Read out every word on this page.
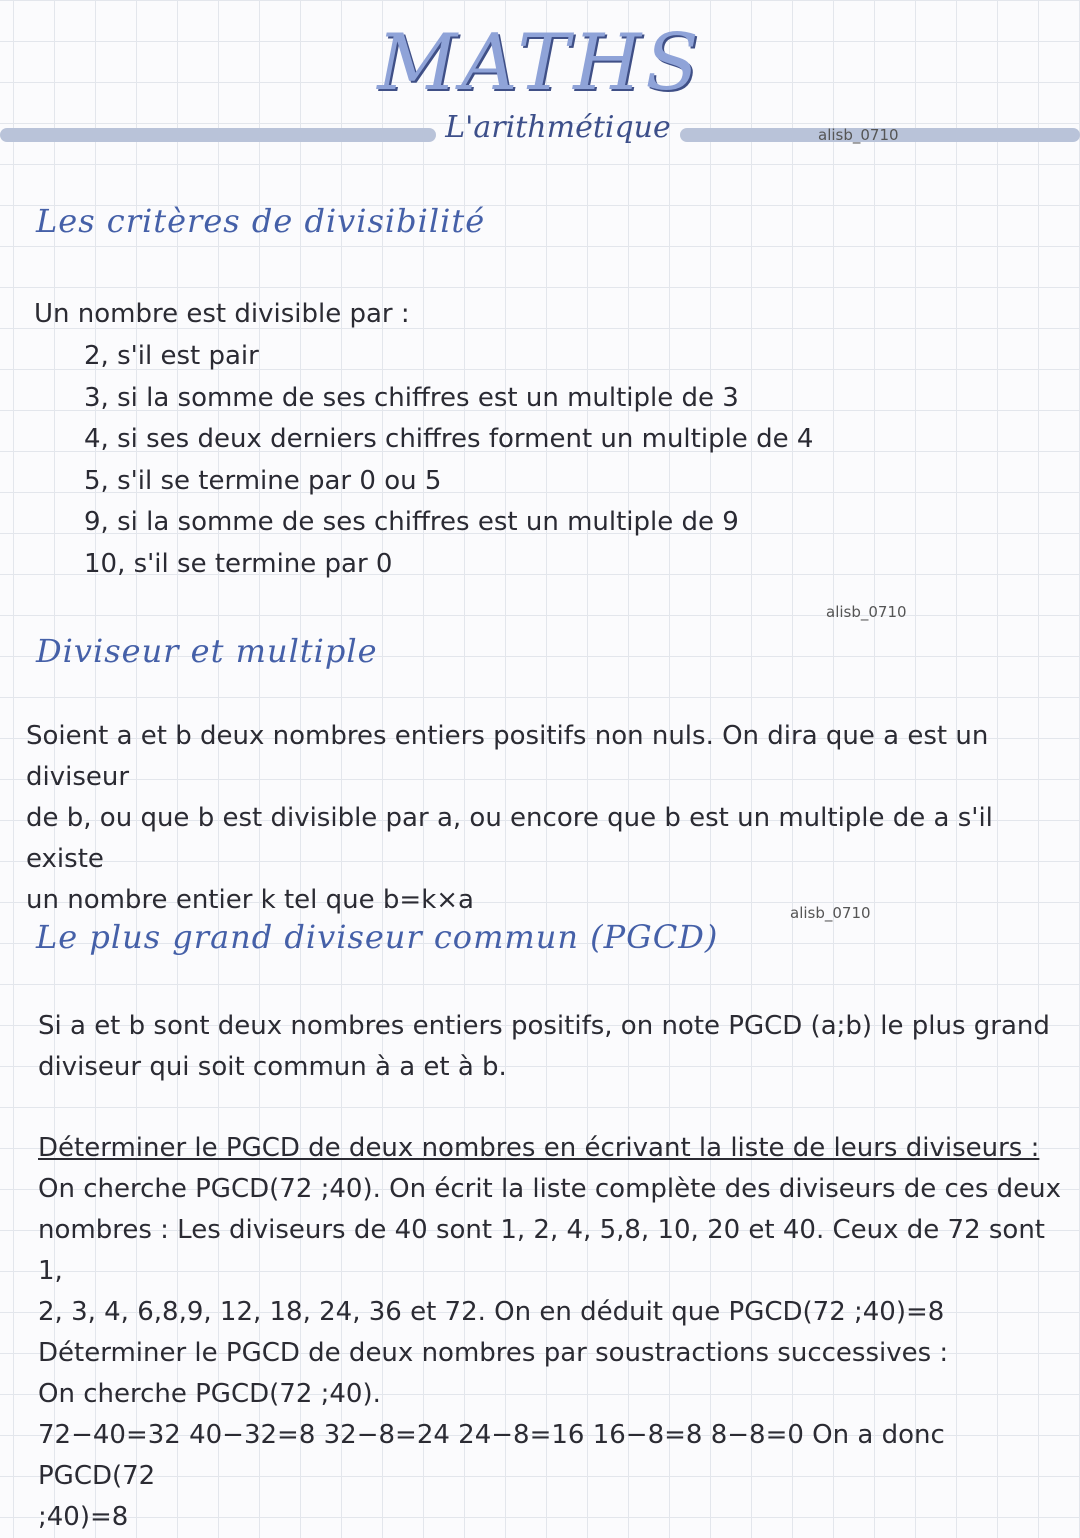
MATHS
L'arithmétique	alisb_0710
Les critères de divisibilité
Un nombre est divisible par :
2, s'il est pair
3, si la somme de ses chiffres est un multiple de 3
4, si ses deux derniers chiffres forment un multiple de 4
5, s'il se termine par 0 ou 5
9, si la somme de ses chiffres est un multiple de 9
10, s'il se termine par 0
alisb_0710
Diviseur et multiple
Soient a et b deux nombres entiers positifs non nuls. On dira que a est un diviseur
de b, ou que b est divisible par a, ou encore que b est un multiple de a s'il existe
un nombre entier k tel que b=k×a	alisb_0710
Le plus grand diviseur commun (PGCD)
Si a et b sont deux nombres entiers positifs, on note PGCD (a;b) le plus grand
diviseur qui soit commun à a et à b.
Déterminer le PGCD de deux nombres en écrivant la liste de leurs diviseurs :
On cherche PGCD(72 ;40). On écrit la liste complète des diviseurs de ces deux
nombres : Les diviseurs de 40 sont 1, 2, 4, 5,8, 10, 20 et 40. Ceux de 72 sont 1,
2, 3, 4, 6,8,9, 12, 18, 24, 36 et 72. On en déduit que PGCD(72 ;40)=8
Déterminer le PGCD de deux nombres par soustractions successives :
On cherche PGCD(72 ;40).
72−40=32 40−32=8 32−8=24 24−8=16 16−8=8 8−8=0 On a donc PGCD(72
;40)=8
